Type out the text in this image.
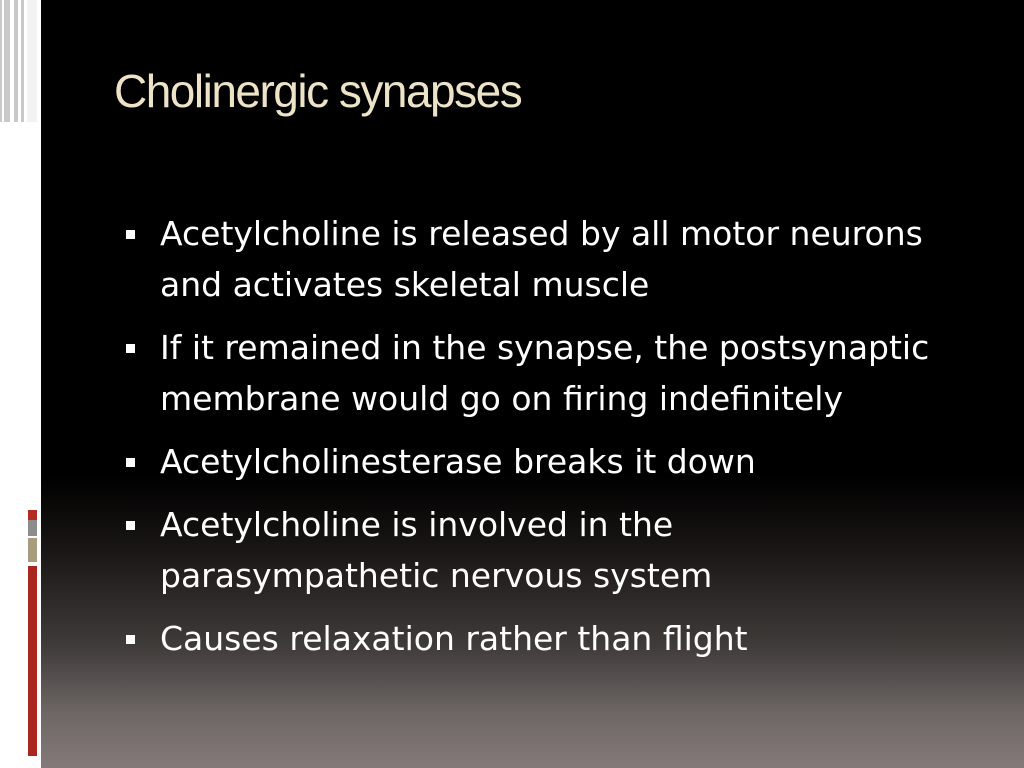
Cholinergic synapses
Acetylcholine is released by all motor neurons and activates skeletal muscle
If it remained in the synapse, the postsynaptic membrane would go on firing indefinitely
Acetylcholinesterase breaks it down
Acetylcholine is involved in the parasympathetic nervous system
Causes relaxation rather than flight
